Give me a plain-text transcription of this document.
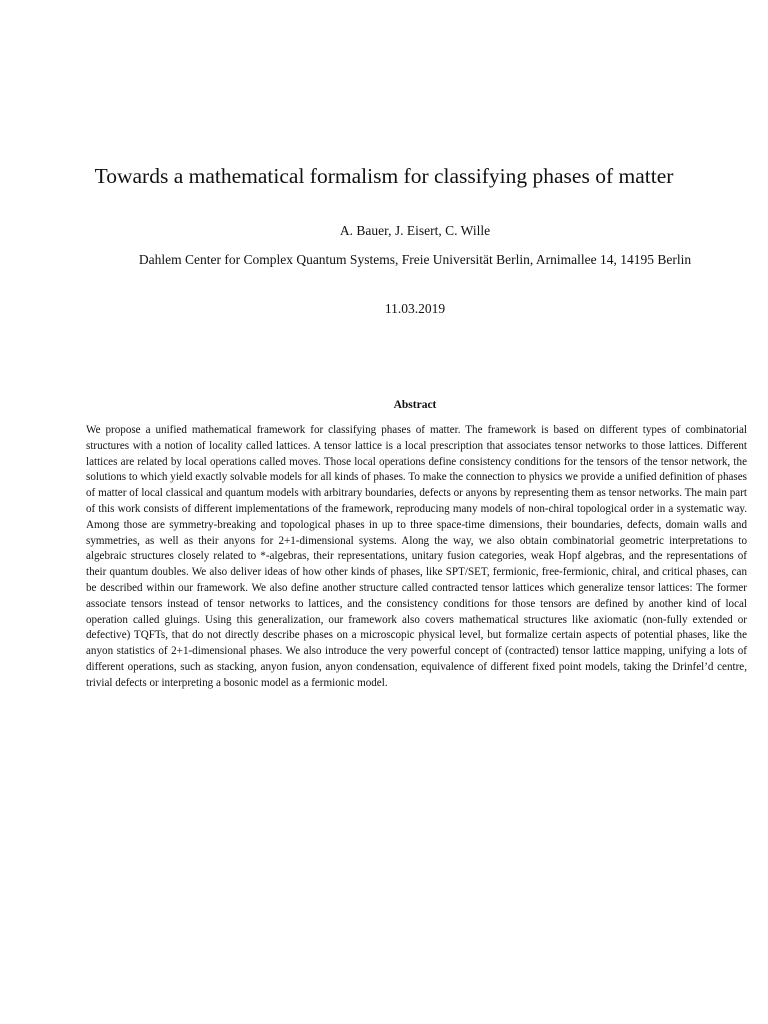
Towards a mathematical formalism for classifying phases of matter

A. Bauer, J. Eisert, C. Wille

Dahlem Center for Complex Quantum Systems, Freie Universität Berlin, Arnimallee 14, 14195 Berlin

11.03.2019

Abstract

We propose a unified mathematical framework for classifying phases of matter. The framework is based on different types of combinatorial structures with a notion of locality called lattices. A tensor lattice is a local prescription that associates tensor networks to those lattices. Different lattices are related by local operations called moves. Those local operations define consistency conditions for the tensors of the tensor network, the solutions to which yield exactly solvable models for all kinds of phases. To make the connection to physics we provide a unified definition of phases of matter of local classical and quantum models with arbitrary boundaries, defects or anyons by representing them as tensor networks. The main part of this work consists of different implementations of the framework, reproducing many models of non-chiral topological order in a systematic way. Among those are symmetry-breaking and topological phases in up to three space-time dimensions, their boundaries, defects, domain walls and symmetries, as well as their anyons for 2+1-dimensional systems. Along the way, we also obtain combinatorial geometric interpretations to algebraic structures closely related to *-algebras, their representations, unitary fusion categories, weak Hopf algebras, and the representations of their quantum doubles. We also deliver ideas of how other kinds of phases, like SPT/SET, fermionic, free-fermionic, chiral, and critical phases, can be described within our framework. We also define another structure called contracted tensor lattices which generalize tensor lattices: The former associate tensors instead of tensor networks to lattices, and the consistency conditions for those tensors are defined by another kind of local operation called gluings. Using this generalization, our framework also covers mathematical structures like axiomatic (non-fully extended or defective) TQFTs, that do not directly describe phases on a microscopic physical level, but formalize certain aspects of potential phases, like the anyon statistics of 2+1-dimensional phases. We also introduce the very powerful concept of (contracted) tensor lattice mapping, unifying a lots of different operations, such as stacking, anyon fusion, anyon condensation, equivalence of different fixed point models, taking the Drinfel’d centre, trivial defects or interpreting a bosonic model as a fermionic model.
